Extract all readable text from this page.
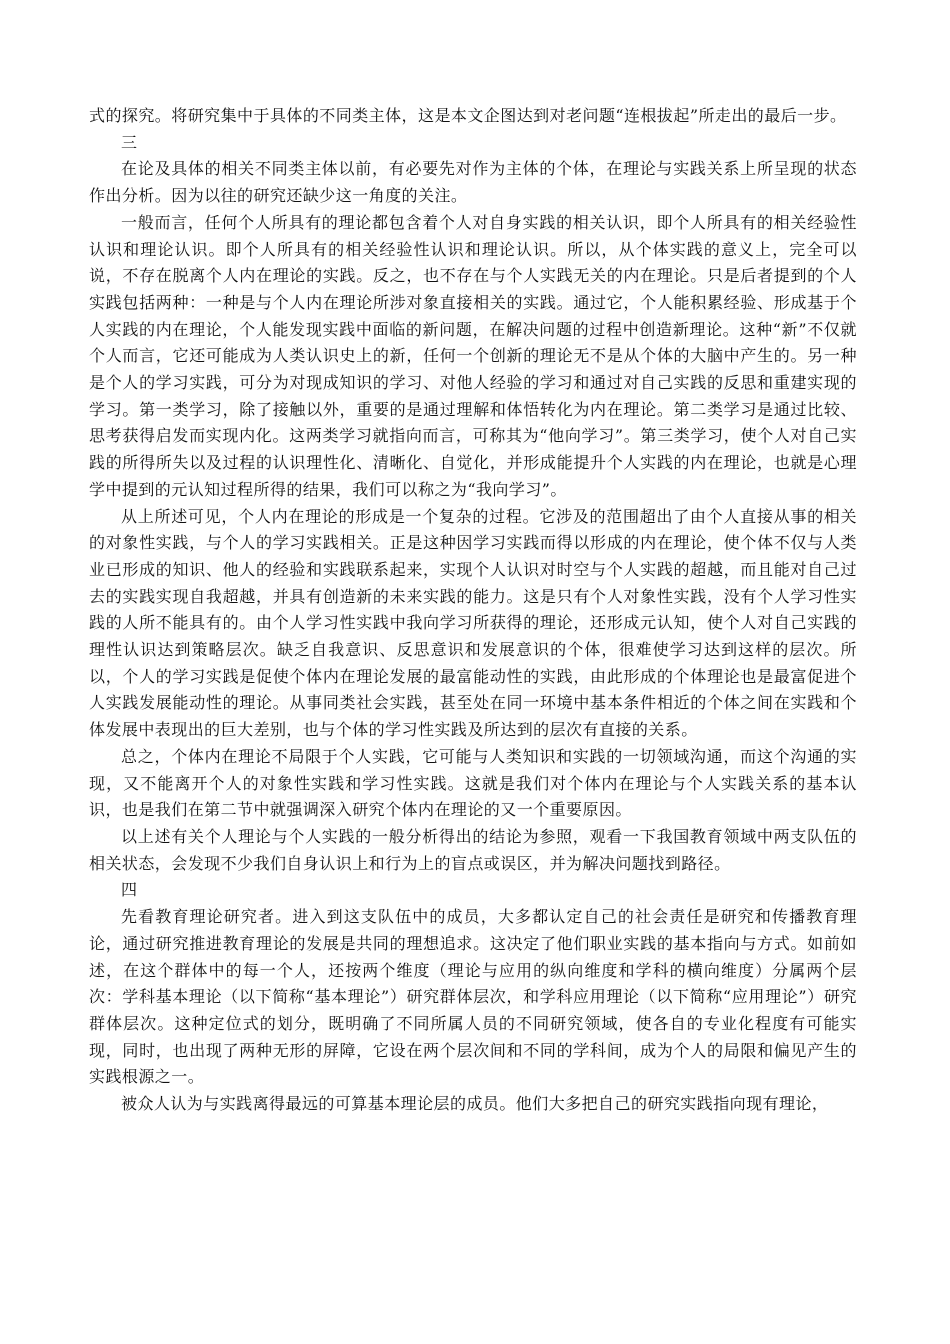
式的探究。将研究集中于具体的不同类主体，这是本文企图达到对老问题“连根拔起”所走出的最后一步。

三

在论及具体的相关不同类主体以前，有必要先对作为主体的个体，在理论与实践关系上所呈现的状态作出分析。因为以往的研究还缺少这一角度的关注。

一般而言，任何个人所具有的理论都包含着个人对自身实践的相关认识，即个人所具有的相关经验性认识和理论认识。即个人所具有的相关经验性认识和理论认识。所以，从个体实践的意义上，完全可以说，不存在脱离个人内在理论的实践。反之，也不存在与个人实践无关的内在理论。只是后者提到的个人实践包括两种：一种是与个人内在理论所涉对象直接相关的实践。通过它，个人能积累经验、形成基于个人实践的内在理论，个人能发现实践中面临的新问题，在解决问题的过程中创造新理论。这种“新”不仅就个人而言，它还可能成为人类认识史上的新，任何一个创新的理论无不是从个体的大脑中产生的。另一种是个人的学习实践，可分为对现成知识的学习、对他人经验的学习和通过对自己实践的反思和重建实现的学习。第一类学习，除了接触以外，重要的是通过理解和体悟转化为内在理论。第二类学习是通过比较、思考获得启发而实现内化。这两类学习就指向而言，可称其为“他向学习”。第三类学习，使个人对自己实践的所得所失以及过程的认识理性化、清晰化、自觉化，并形成能提升个人实践的内在理论，也就是心理学中提到的元认知过程所得的结果，我们可以称之为“我向学习”。

从上所述可见，个人内在理论的形成是一个复杂的过程。它涉及的范围超出了由个人直接从事的相关的对象性实践，与个人的学习实践相关。正是这种因学习实践而得以形成的内在理论，使个体不仅与人类业已形成的知识、他人的经验和实践联系起来，实现个人认识对时空与个人实践的超越，而且能对自己过去的实践实现自我超越，并具有创造新的未来实践的能力。这是只有个人对象性实践，没有个人学习性实践的人所不能具有的。由个人学习性实践中我向学习所获得的理论，还形成元认知，使个人对自己实践的理性认识达到策略层次。缺乏自我意识、反思意识和发展意识的个体，很难使学习达到这样的层次。所以，个人的学习实践是促使个体内在理论发展的最富能动性的实践，由此形成的个体理论也是最富促进个人实践发展能动性的理论。从事同类社会实践，甚至处在同一环境中基本条件相近的个体之间在实践和个体发展中表现出的巨大差别，也与个体的学习性实践及所达到的层次有直接的关系。

总之，个体内在理论不局限于个人实践，它可能与人类知识和实践的一切领域沟通，而这个沟通的实现，又不能离开个人的对象性实践和学习性实践。这就是我们对个体内在理论与个人实践关系的基本认识，也是我们在第二节中就强调深入研究个体内在理论的又一个重要原因。

以上述有关个人理论与个人实践的一般分析得出的结论为参照，观看一下我国教育领域中两支队伍的相关状态，会发现不少我们自身认识上和行为上的盲点或误区，并为解决问题找到路径。

四

先看教育理论研究者。进入到这支队伍中的成员，大多都认定自己的社会责任是研究和传播教育理论，通过研究推进教育理论的发展是共同的理想追求。这决定了他们职业实践的基本指向与方式。如前如述，在这个群体中的每一个人，还按两个维度（理论与应用的纵向维度和学科的横向维度）分属两个层次：学科基本理论（以下简称“基本理论”）研究群体层次，和学科应用理论（以下简称“应用理论”）研究群体层次。这种定位式的划分，既明确了不同所属人员的不同研究领域，使各自的专业化程度有可能实现，同时，也出现了两种无形的屏障，它设在两个层次间和不同的学科间，成为个人的局限和偏见产生的实践根源之一。

被众人认为与实践离得最远的可算基本理论层的成员。他们大多把自己的研究实践指向现有理论，
